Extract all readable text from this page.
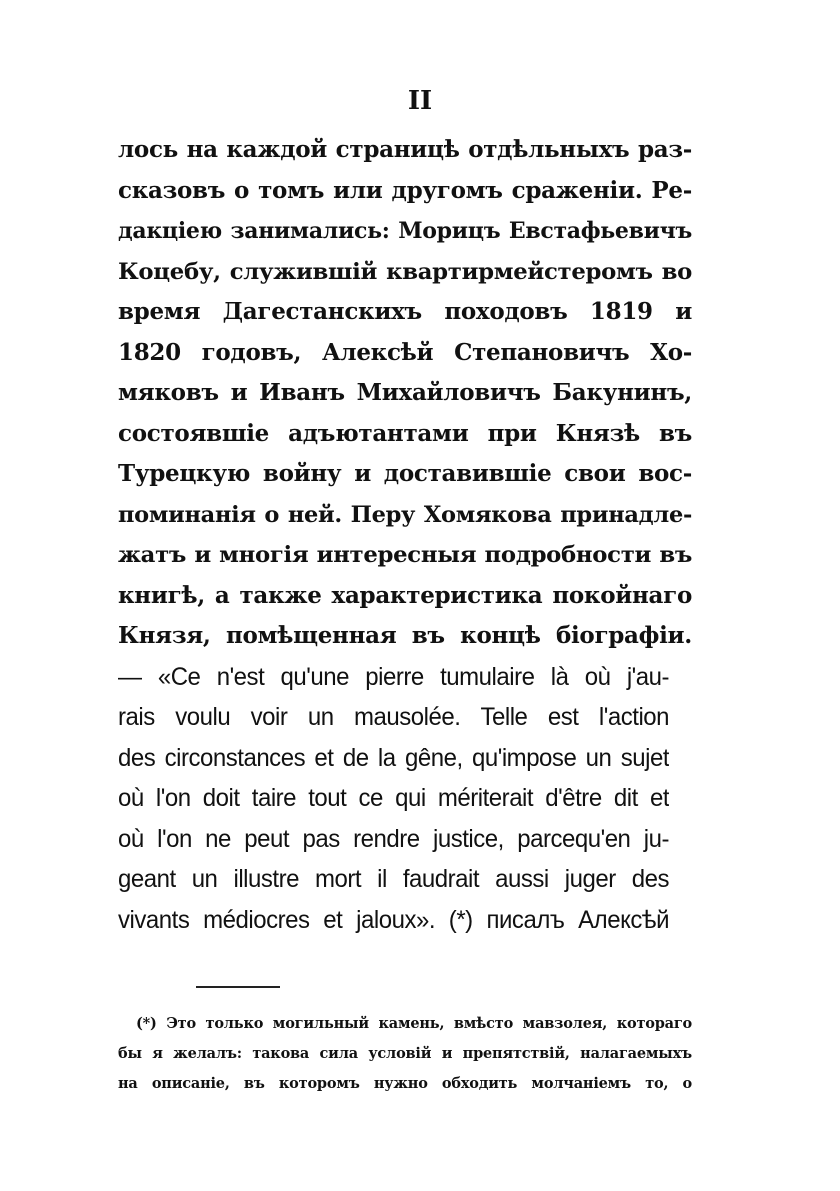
II
лось на каждой страницѣ отдѣльныхъ раз-
сказовъ о томъ или другомъ сраженіи. Ре-
дакціею занимались: Морицъ Евстафьевичъ
Коцебу, служившій квартирмейстеромъ во
время Дагестанскихъ походовъ 1819 и
1820 годовъ, Алексѣй Степановичъ Хо-
мяковъ и Иванъ Михайловичъ Бакунинъ,
состоявшіе адъютантами при Князѣ въ
Турецкую войну и доставившіе свои вос-
поминанія о ней. Перу Хомякова принадле-
жатъ и многія интересныя подробности въ
книгѣ, а также характеристика покойнаго
Князя, помѣщенная въ концѣ біографіи.
— «Ce n'est qu'une pierre tumulaire là où j'au-
rais voulu voir un mausolée. Telle est l'action
des circonstances et de la gêne, qu'impose un sujet
où l'on doit taire tout ce qui mériterait d'être dit et
où l'on ne peut pas rendre justice, parcequ'en ju-
geant un illustre mort il faudrait aussi juger des
vivants médiocres et jaloux». (*) писалъ Алексѣй
(*) Это только могильный камень, вмѣсто мавзолея, котораго
бы я желалъ: такова сила условій и препятствій, налагаемыхъ
на описаніе, въ которомъ нужно обходить молчаніемъ то, о
